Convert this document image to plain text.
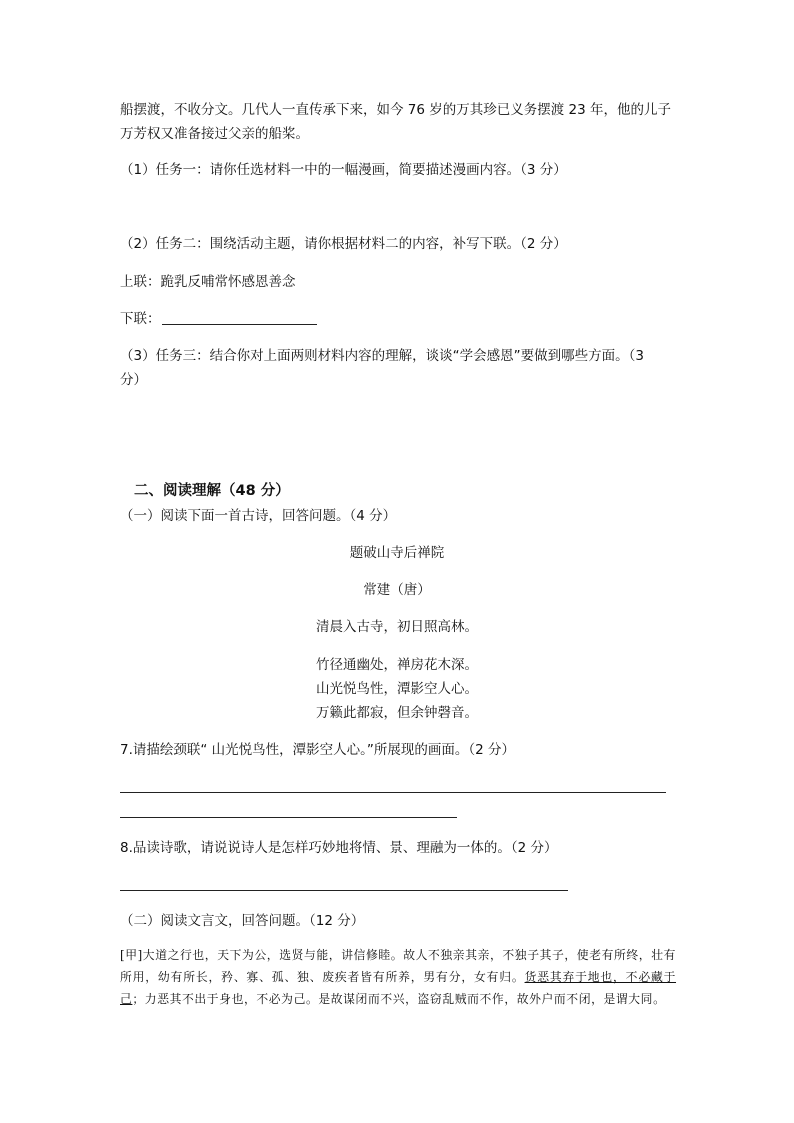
船摆渡，不收分文。几代人一直传承下来，如今 76 岁的万其珍已义务摆渡 23 年，他的儿子
万芳权又准备接过父亲的船桨。
（1）任务一：请你任选材料一中的一幅漫画，简要描述漫画内容。（3 分）
（2）任务二：围绕活动主题，请你根据材料二的内容，补写下联。（2 分）
上联：跪乳反哺常怀感恩善念
下联：
（3）任务三：结合你对上面两则材料内容的理解，谈谈“学会感恩”要做到哪些方面。（3
分）
二、阅读理解（48 分）
（一）阅读下面一首古诗，回答问题。（4 分）
题破山寺后禅院
常建（唐）
清晨入古寺，初日照高林。
竹径通幽处，禅房花木深。
山光悦鸟性，潭影空人心。
万籁此都寂，但余钟磬音。
7.请描绘颈联“ 山光悦鸟性，潭影空人心。”所展现的画面。（2 分）
8.品读诗歌，请说说诗人是怎样巧妙地将情、景、理融为一体的。（2 分）
（二）阅读文言文，回答问题。（12 分）
[甲]大道之行也，天下为公，选贤与能，讲信修睦。故人不独亲其亲，不独子其子，使老有所终，壮有所用，幼有所长，矜、寡、孤、独、废疾者皆有所养，男有分，女有归。货恶其弃于地也，不必藏于己；力恶其不出于身也，不必为己。是故谋闭而不兴，盗窃乱贼而不作，故外户而不闭，是谓大同。
